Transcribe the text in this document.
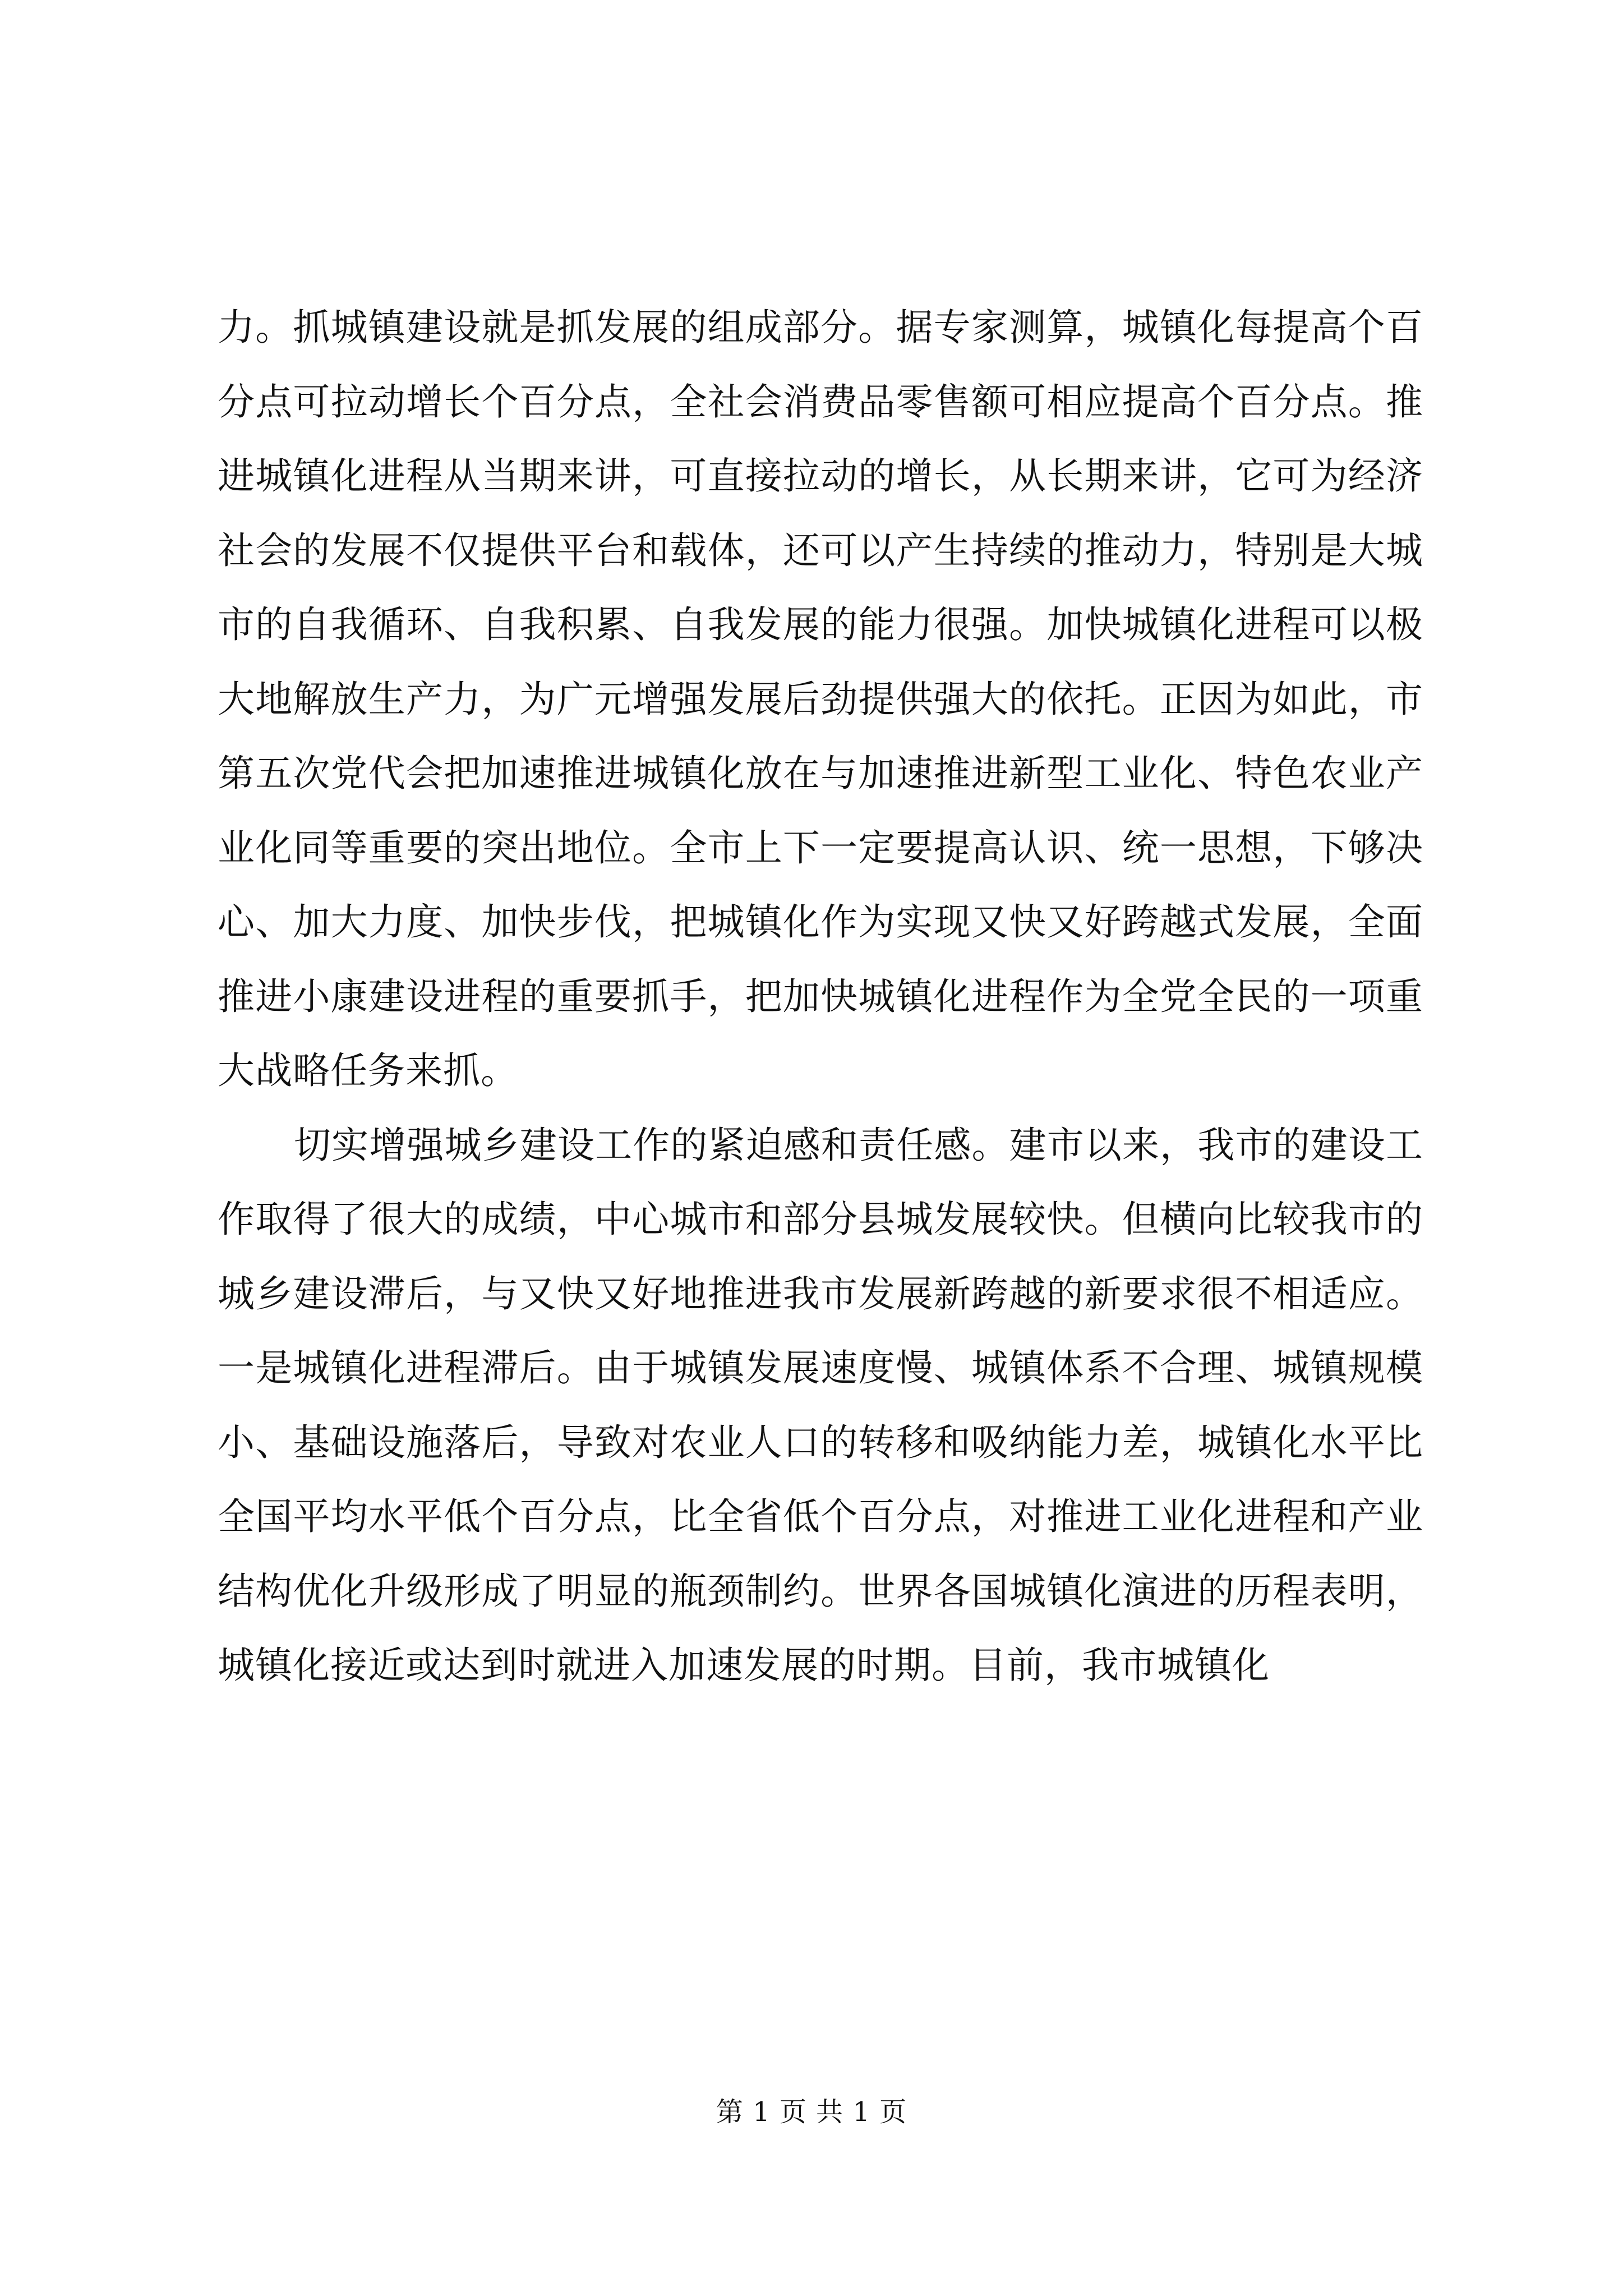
力。抓城镇建设就是抓发展的组成部分。据专家测算，城镇化每提高个百分点可拉动增长个百分点，全社会消费品零售额可相应提高个百分点。推进城镇化进程从当期来讲，可直接拉动的增长，从长期来讲，它可为经济社会的发展不仅提供平台和载体，还可以产生持续的推动力，特别是大城市的自我循环、自我积累、自我发展的能力很强。加快城镇化进程可以极大地解放生产力，为广元增强发展后劲提供强大的依托。正因为如此，市第五次党代会把加速推进城镇化放在与加速推进新型工业化、特色农业产业化同等重要的突出地位。全市上下一定要提高认识、统一思想，下够决心、加大力度、加快步伐，把城镇化作为实现又快又好跨越式发展，全面推进小康建设进程的重要抓手，把加快城镇化进程作为全党全民的一项重大战略任务来抓。

切实增强城乡建设工作的紧迫感和责任感。建市以来，我市的建设工作取得了很大的成绩，中心城市和部分县城发展较快。但横向比较我市的城乡建设滞后，与又快又好地推进我市发展新跨越的新要求很不相适应。一是城镇化进程滞后。由于城镇发展速度慢、城镇体系不合理、城镇规模小、基础设施落后，导致对农业人口的转移和吸纳能力差，城镇化水平比全国平均水平低个百分点，比全省低个百分点，对推进工业化进程和产业结构优化升级形成了明显的瓶颈制约。世界各国城镇化演进的历程表明，城镇化接近或达到时就进入加速发展的时期。目前，我市城镇化

第 1 页 共 1 页
